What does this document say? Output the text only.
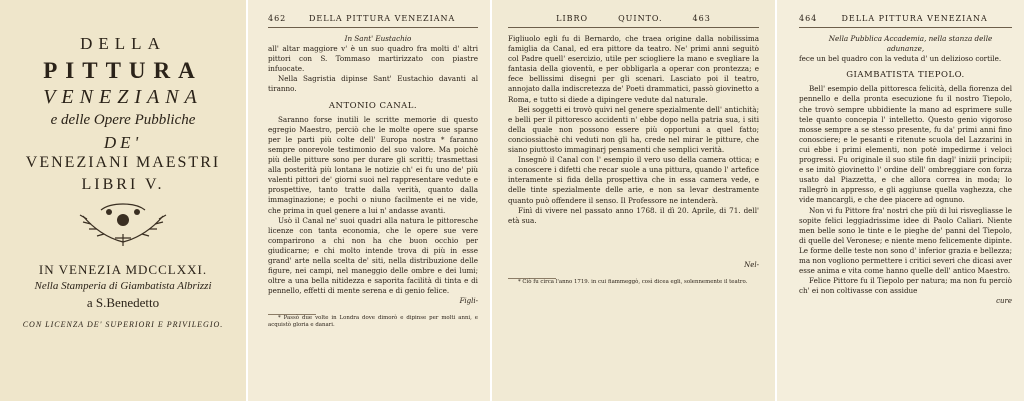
DELLA
PITTURA
VENEZIANA
e delle Opere Pubbliche
DE'
VENEZIANI MAESTRI
LIBRI V.
IN VENEZIA MDCCLXXI.
Nella Stamperia di Giambatista Albrizzi
a S.Benedetto
CON LICENZA DE' SUPERIORI E PRIVILEGIO.
462	DELLA PITTURA VENEZIANA

In Sant' Eustachio

all' altar maggiore v' è un suo quadro fra molti d' altri pittori con S. Tommaso martirizzato con piastre infuocate.

Nella Sagristia dipinse Sant' Eustachio davanti al tiranno.

ANTONIO CANAL.

Saranno forse inutili le scritte memorie di questo egregio Maestro, perciò che le molte opere sue sparse per le parti più colte dell' Europa nostra * faranno sempre onorevole testimonio del suo valore. Ma poichè più delle pitture sono per durare gli scritti; trasmettasi alla posterità più lontana le notizie ch' ei fu uno de' più valenti pittori de' giorni suoi nel rappresentare vedute e prospettive, tanto tratte dalla verità, quanto dalla immaginazione; e pochi o niuno facilmente ei ne vide, che prima in quel genere a lui n' andasse avanti.

Usò il Canal ne' suoi quadri alla natura le pittoresche licenze con tanta economia, che le opere sue vere comparirono a chi non ha che buon occhio per giudicarne; e chi molto intende trova di più in esse grand' arte nella scelta de' siti, nella distribuzione delle figure, nei campi, nel maneggio delle ombre e dei lumi; oltre a una bella nitidezza e saporita facilità di tinta e di pennello, effetti di mente serena e di genio felice.

Figli-

* Passò due volte in Londra dove dimorò e dipinse per molti anni, e acquistò gloria e danari.

LIBRO	QUINTO.	463

Figliuolo egli fu di Bernardo, che traea origine dalla nobilissima famiglia da Canal, ed era pittore da teatro. Ne' primi anni seguitò col Padre quell' esercizio, utile per sciogliere la mano e svegliare la fantasia della gioventù, e per obbligarla a operar con prontezza; e fece bellissimi disegni per gli scenari. Lasciato poi il teatro, annojato dalla indiscretezza de' Poeti drammatici, passò giovinetto a Roma, e tutto si diede a dipingere vedute dal naturale.

Bei soggetti ei trovò quivi nel genere spezialmente dell' antichità; e belli per il pittoresco accidenti n' ebbe dopo nella patria sua, i siti della quale non possono essere più opportuni a quel fatto; conciossiachè chi veduti non gli ha, crede nel mirar le pitture, che siano piuttosto immaginarj pensamenti che semplici verità.

Insegnò il Canal con l' esempio il vero uso della camera ottica; e a conoscere i difetti che recar suole a una pittura, quando l' artefice interamente si fida della prospettiva che in essa camera vede, e delle tinte spezialmente delle arie, e non sa levar destramente quanto può offendere il senso. Il Professore ne intenderà.

Finì di vivere nel passato anno 1768. il dì 20. Aprile, di 71. dell' età sua.

Nel-

* Ciò fu circa l'anno 1719. in cui fiammeggò, così dicea egli, solennemente il teatro.

464	DELLA PITTURA VENEZIANA

Nella Pubblica Accademia, nella stanza delle adunanze,

fece un bel quadro con la veduta d' un delizioso cortile.

GIAMBATISTA TIEPOLO.

Bell' esempio della pittoresca felicità, della fiorenza del pennello e della pronta esecuzione fu il nostro Tiepolo, che trovò sempre ubbidiente la mano ad esprimere sulle tele quanto concepia l' intelletto. Questo genio vigoroso mosse sempre a se stesso presente, fu da' primi anni fino conosciere; e le pesanti e ritenute scuola del Lazzarini in cui ebbe i primi elementi, non potè impedirme i veloci progressi. Fu originale il suo stile fin dagl' inizii principii; e se imitò giovinetto l' ordine dell' ombreggiare con forza usato dal Piazzetta, e che allora correa in moda; lo rallegrò in appresso, e gli aggiunse quella vaghezza, che vide mancargli, e che dee piacere ad ognuno.

Non vi fu Pittore fra' nostri che più di lui risvegliasse le sopite felici leggiadrissime idee di Paolo Caliari. Niente men belle sono le tinte e le pieghe de' panni del Tiepolo, di quelle del Veronese; e niente meno felicemente dipinte. Le forme delle teste non sono d' inferior grazia e bellezza; ma non vogliono permettere i critici severi che dicasi aver esse anima e vita come hanno quelle dell' antico Maestro.

Felice Pittore fu il Tiepolo per natura; ma non fu perciò ch' ei non coltivasse con assidue

cure
